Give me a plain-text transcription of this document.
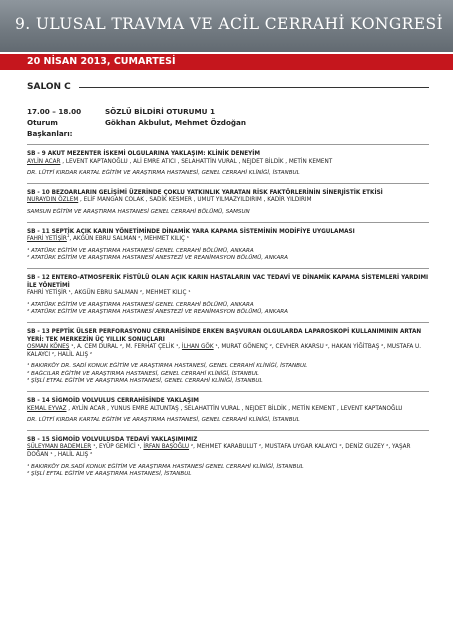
9. ULUSAL TRAVMA VE ACİL CERRAHİ KONGRESİ
20 NİSAN 2013, CUMARTESİ
SALON C
17.00 – 18.00	SÖZLÜ BİLDİRİ OTURUMU 1
Oturum Başkanları:
Gökhan Akbulut, Mehmet Özdoğan
SB - 9 AKUT MEZENTER İSKEMİ OLGULARINA YAKLAŞIM: KLİNİK DENEYİM
AYLİN ACAR , LEVENT KAPTANOĞLU , ALİ EMRE ATICI , SELAHATTİN VURAL , NEJDET BİLDİK , METİN KEMENT
DR. LÜTFİ KIRDAR KARTAL EĞİTİM VE ARAŞTIRMA HASTANESİ, GENEL CERRAHİ KLİNİĞİ, İSTANBUL
SB - 10 BEZOARLARIN GELİŞİMİ ÜZERİNDE ÇOKLU YATKINLIK YARATAN RİSK FAKTÖRLERİNİN SİNERJİSTİK ETKİSİ
NURAYDIN ÖZLEM , ELİF MANGAN COLAK , SADİK KESMER , UMUT YILMAZYILDIRIM , KADİR YILDIRIM
SAMSUN EĞİTİM VE ARAŞTIRMA HASTANESİ GENEL CERRAHİ BÖLÜMÜ, SAMSUN
SB - 11 SEPTİK AÇIK KARIN YÖNETİMİNDE DİNAMİK YARA KAPAMA SİSTEMİNİN MODİFİYE UYGULAMASI
FAHRİ YETİŞİR$^1$, AKGÜN EBRU SALMAN ², MEHMET KILIÇ ¹
¹ ATATÜRK EĞİTİM VE ARAŞTIRMA HASTANESİ GENEL CERRAHİ BÖLÜMÜ, ANKARA
² ATATÜRK EĞİTİM VE ARAŞTIRMA HASTANESİ ANESTEZİ VE REANİMASYON BÖLÜMÜ, ANKARA
SB - 12 ENTERO-ATMOSFERİK FİSTÜLÜ OLAN AÇIK KARIN HASTALARIN VAC TEDAVİ VE DİNAMİK KAPAMA SİSTEMLERİ YARDIMI İLE YÖNETİMİ
FAHRİ YETİŞİR ¹, AKGÜN EBRU SALMAN ², MEHMET KILIÇ ¹
¹ ATATÜRK EĞİTİM VE ARAŞTIRMA HASTANESİ GENEL CERRAHİ BÖLÜMÜ, ANKARA
² ATATÜRK EĞİTİM VE ARAŞTIRMA HASTANESİ ANESTEZİ VE REANİMASYON BÖLÜMÜ, ANKARA
SB - 13 PEPTİK ÜLSER PERFORASYONU CERRAHİSİNDE ERKEN BAŞVURAN OLGULARDA LAPAROSKOPİ KULLANIMININ ARTAN YERİ: TEK MERKEZİN ÜÇ YILLIK SONUÇLARI
OSMAN KÖNEŞ ¹, A. CEM DURAL ², M. FERHAT ÇELİK ¹, İLHAN GÖK ¹, MURAT GÖNENÇ ², CEVHER AKARSU ², HAKAN YİĞİTBAŞ ², MUSTAFA U. KALAYCI ², HALİL ALIŞ ²
¹ BAKIRKÖY DR. SADİ KONUK EĞİTİM VE ARAŞTIRMA HASTANESİ, GENEL CERRAHİ KLİNİĞİ, İSTANBUL
² BAĞCILAR EĞİTİM VE ARAŞTIRMA HASTANESİ, GENEL CERRAHİ KLİNİĞİ, İSTANBUL
³ ŞİŞLİ ETFAL EĞİTİM VE ARAŞTIRMA HASTANESİ, GENEL CERRAHİ KLİNİĞİ, İSTANBUL
SB - 14 SİGMOİD VOLVULUS CERRAHİSİNDE YAKLAŞIM
KEMAL EYVAZ , AYLİN ACAR , YUNUS EMRE ALTUNTAŞ , SELAHATTİN VURAL , NEJDET BİLDİK , METİN KEMENT , LEVENT KAPTANOĞLU
DR. LÜTFİ KIRDAR KARTAL EĞİTİM VE ARAŞTIRMA HASTANESİ, GENEL CERRAHİ KLİNİĞİ, İSTANBUL
SB - 15 SİGMOİD VOLVULUSDA TEDAVİ YAKLAŞIMIMIZ
SÜLEYMAN BADEMLER ¹, EYÜP GEMİCİ ¹, İRFAN BAŞOĞLU ², MEHMET KARABULUT ², MUSTAFA UYGAR KALAYCI ², DENİZ GUZEY ², YAŞAR DOĞAN ¹ , HALİL ALIŞ ²
¹ BAKIRKÖY DR.SADİ KONUK EĞİTİM VE ARAŞTIRMA HASTANESİ GENEL CERRAHİ KLİNİĞİ, İSTANBUL
² ŞİŞLİ EFTAL EĞİTİM VE ARAŞTIRMA HASTANESİ, İSTANBUL
